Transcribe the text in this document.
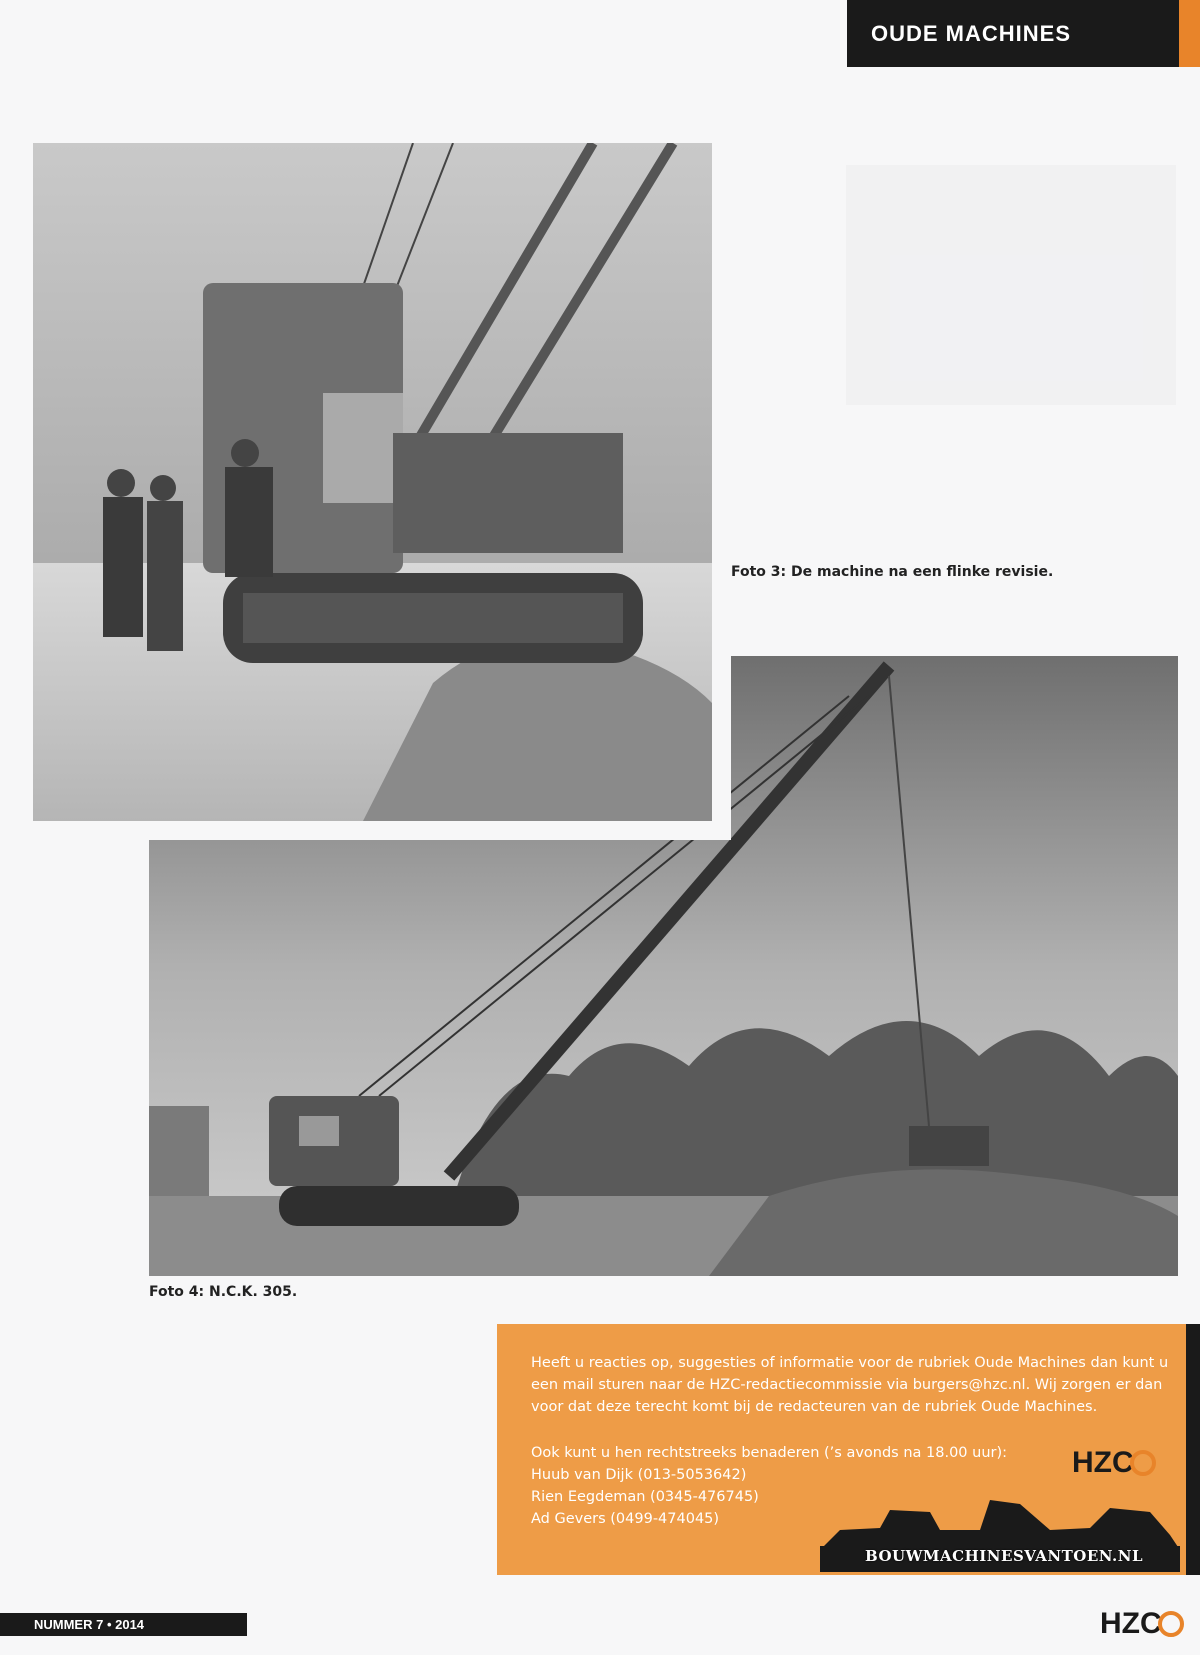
OUDE MACHINES
Foto 3: De machine na een flinke revisie.
Foto 4: N.C.K. 305.

Heeft u reacties op, suggesties of informatie voor de rubriek Oude Machines dan kunt u een mail sturen naar de HZC-redactiecommissie via burgers@hzc.nl. Wij zorgen er dan voor dat deze terecht komt bij de redacteuren van de rubriek Oude Machines.

Ook kunt u hen rechtstreeks benaderen (’s avonds na 18.00 uur):

Huub van Dijk (013-5053642)
Rien Eegdeman (0345-476745)
Ad Gevers (0499-474045)
HZC
BOUWMACHINESVANTOEN.NL
NUMMER 7 • 2014	HZC
